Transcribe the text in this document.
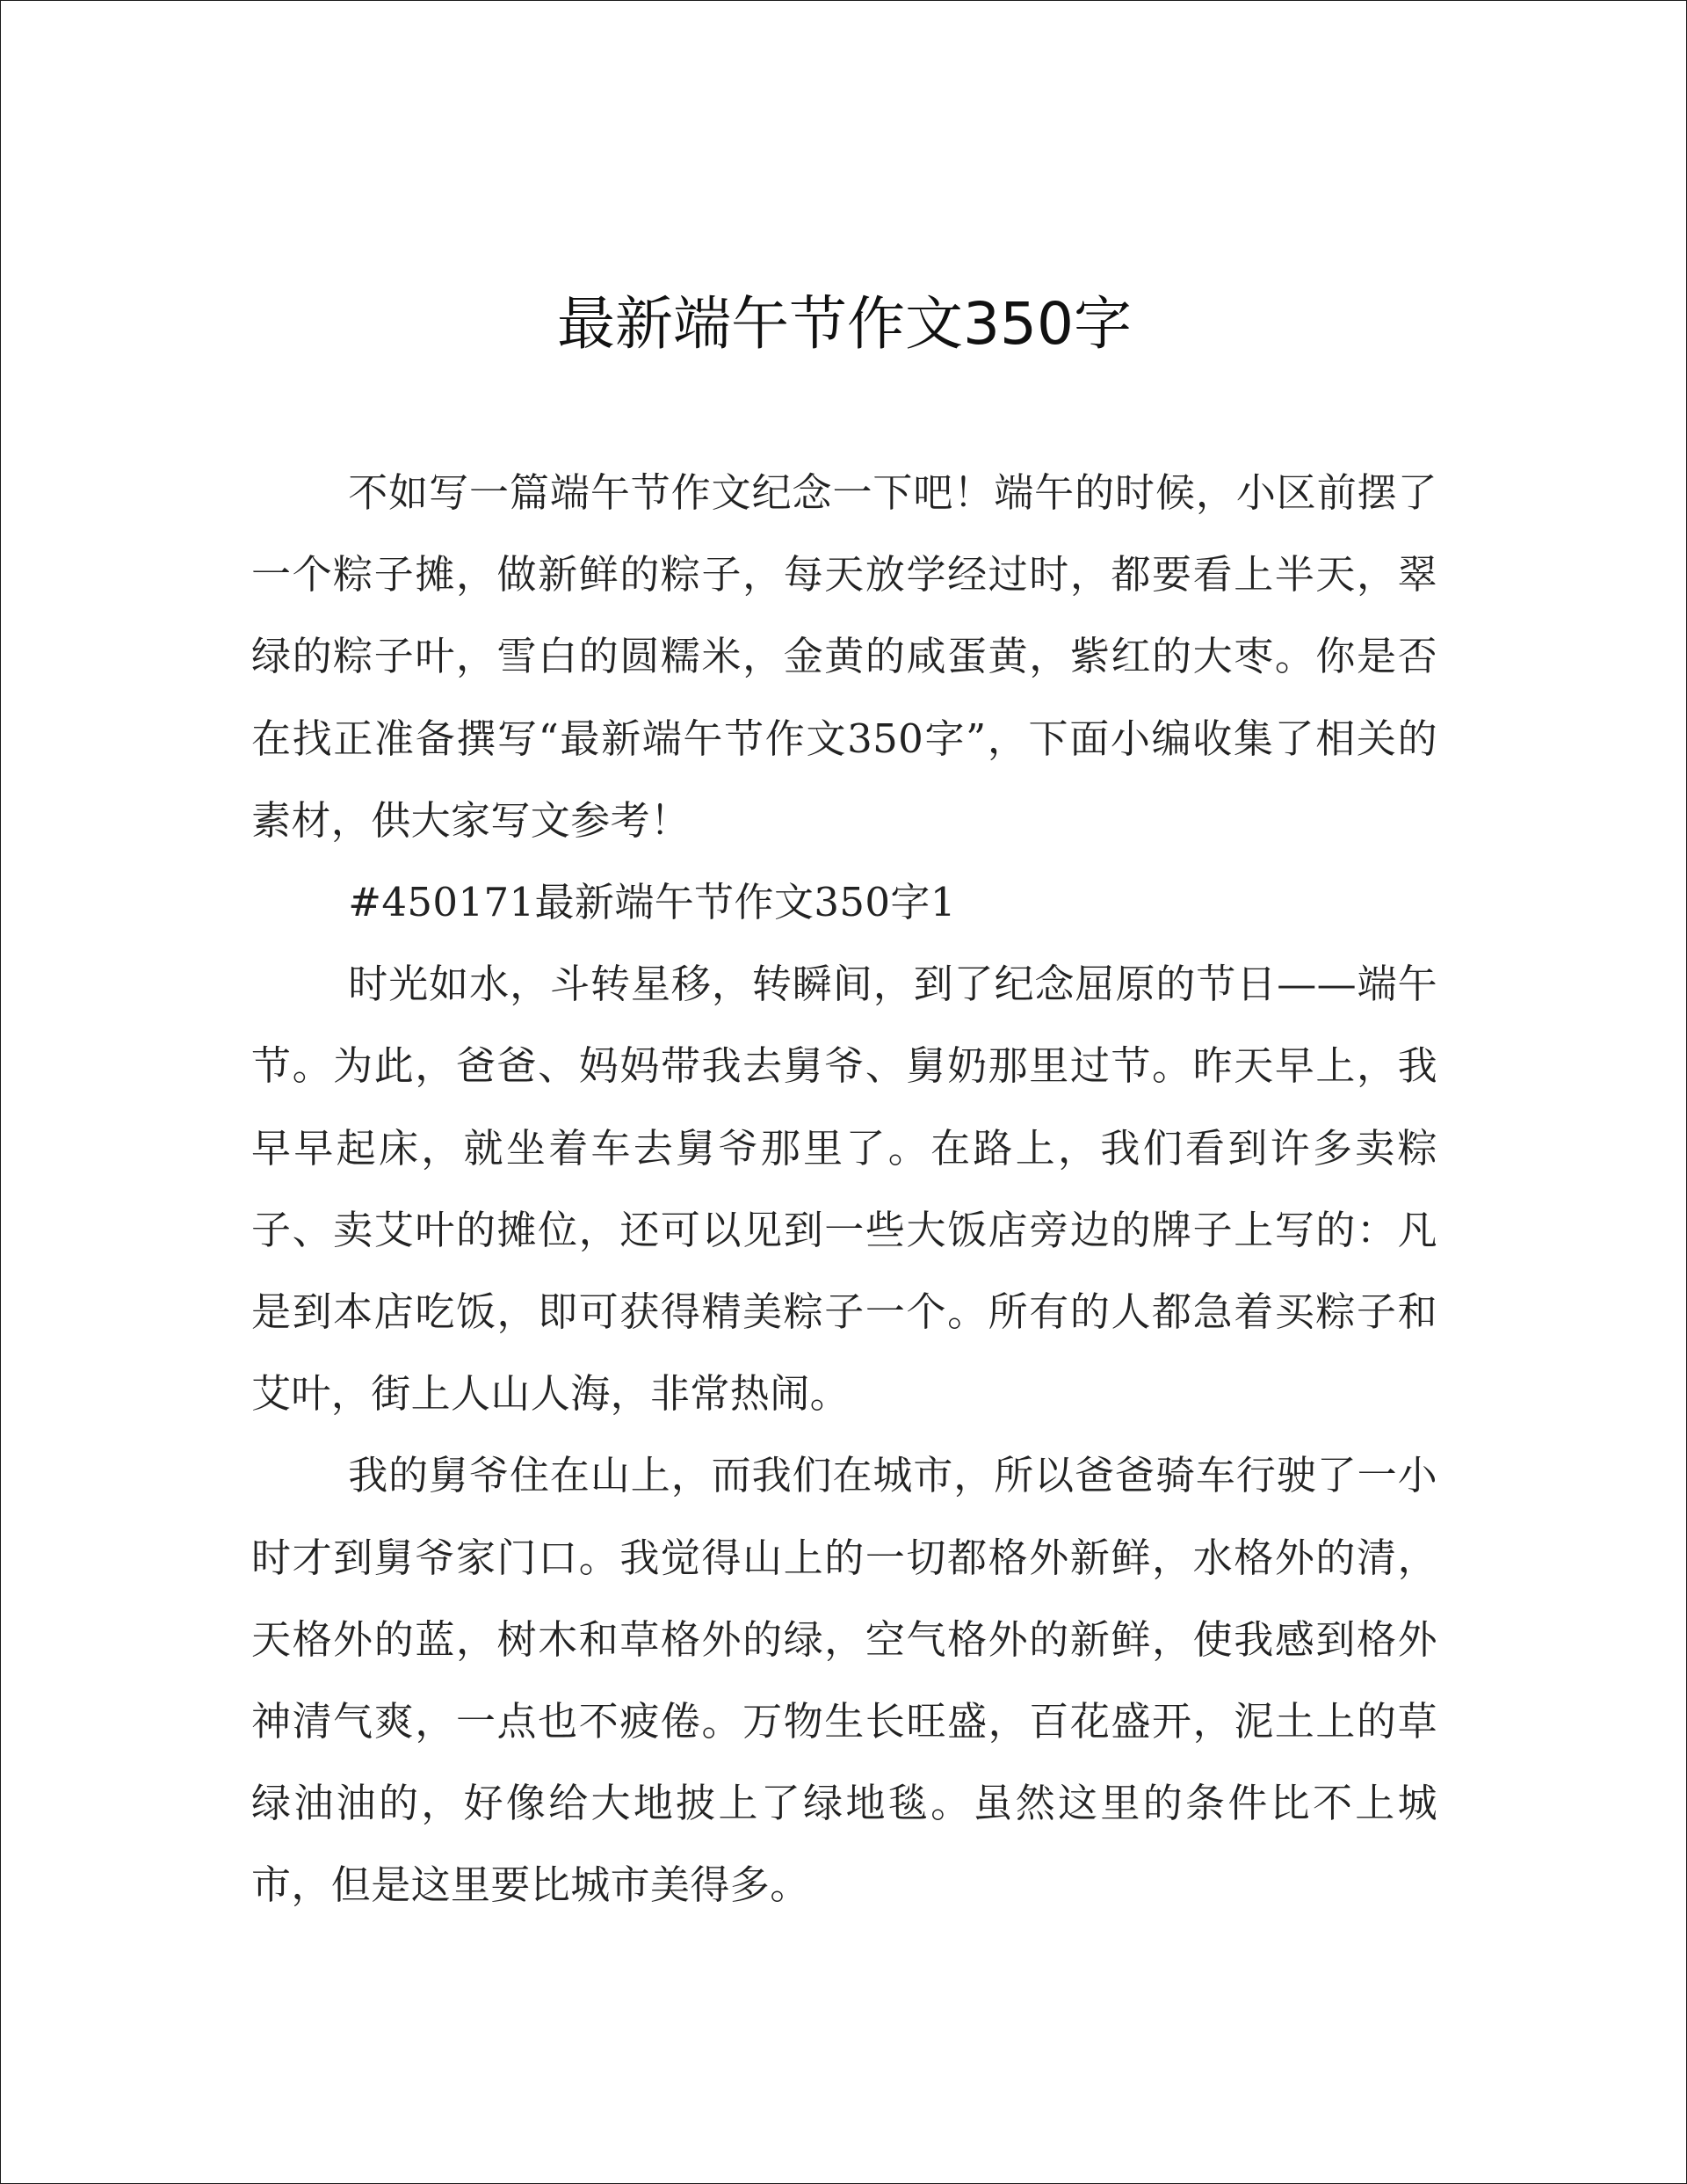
最新端午节作文350字

不如写一篇端午节作文纪念一下吧！端午的时候，小区前摆了一个粽子摊，做新鲜的粽子，每天放学经过时，都要看上半天，翠绿的粽子叶，雪白的圆糯米，金黄的咸蛋黄，紫红的大枣。你是否在找正准备撰写“最新端午节作文350字”，下面小编收集了相关的素材，供大家写文参考！

#450171最新端午节作文350字1

时光如水，斗转星移，转瞬间，到了纪念屈原的节日——端午节。为此，爸爸、妈妈带我去舅爷、舅奶那里过节。昨天早上，我早早起床，就坐着车去舅爷那里了。在路上，我们看到许多卖粽子、卖艾叶的摊位，还可以见到一些大饭店旁边的牌子上写的：凡是到本店吃饭，即可获得精美粽子一个。所有的人都急着买粽子和艾叶，街上人山人海，非常热闹。

我的舅爷住在山上，而我们在城市，所以爸爸骑车行驶了一小时才到舅爷家门口。我觉得山上的一切都格外新鲜，水格外的清，天格外的蓝，树木和草格外的绿，空气格外的新鲜，使我感到格外神清气爽，一点也不疲倦。万物生长旺盛，百花盛开，泥土上的草绿油油的，好像给大地披上了绿地毯。虽然这里的条件比不上城市，但是这里要比城市美得多。
